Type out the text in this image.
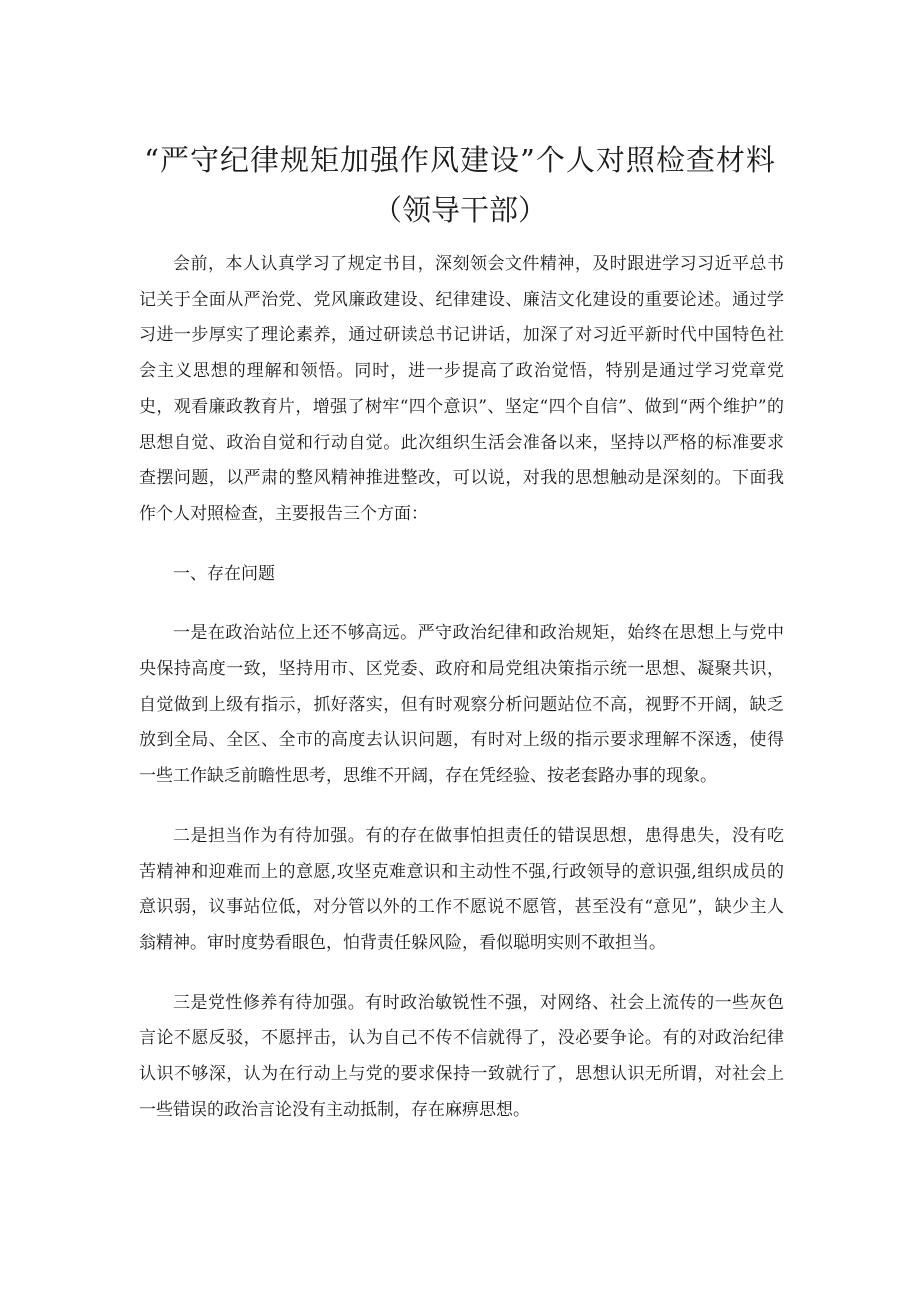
“严守纪律规矩加强作风建设”个人对照检查材料
（领导干部）

会前，本人认真学习了规定书目，深刻领会文件精神，及时跟进学习习近平总书记关于全面从严治党、党风廉政建设、纪律建设、廉洁文化建设的重要论述。通过学习进一步厚实了理论素养，通过研读总书记讲话，加深了对习近平新时代中国特色社会主义思想的理解和领悟。同时，进一步提高了政治觉悟，特别是通过学习党章党史，观看廉政教育片，增强了树牢“四个意识”、坚定“四个自信”、做到“两个维护”的思想自觉、政治自觉和行动自觉。此次组织生活会准备以来，坚持以严格的标准要求查摆问题，以严肃的整风精神推进整改，可以说，对我的思想触动是深刻的。下面我作个人对照检查，主要报告三个方面：

一、存在问题

一是在政治站位上还不够高远。严守政治纪律和政治规矩，始终在思想上与党中央保持高度一致，坚持用市、区党委、政府和局党组决策指示统一思想、凝聚共识，自觉做到上级有指示，抓好落实，但有时观察分析问题站位不高，视野不开阔，缺乏放到全局、全区、全市的高度去认识问题，有时对上级的指示要求理解不深透，使得一些工作缺乏前瞻性思考，思维不开阔，存在凭经验、按老套路办事的现象。

二是担当作为有待加强。有的存在做事怕担责任的错误思想，患得患失，没有吃苦精神和迎难而上的意愿,攻坚克难意识和主动性不强,行政领导的意识强,组织成员的意识弱，议事站位低，对分管以外的工作不愿说不愿管，甚至没有“意见”，缺少主人翁精神。审时度势看眼色，怕背责任躲风险，看似聪明实则不敢担当。

三是党性修养有待加强。有时政治敏锐性不强，对网络、社会上流传的一些灰色言论不愿反驳，不愿抨击，认为自己不传不信就得了，没必要争论。有的对政治纪律认识不够深，认为在行动上与党的要求保持一致就行了，思想认识无所谓，对社会上一些错误的政治言论没有主动抵制，存在麻痹思想。
